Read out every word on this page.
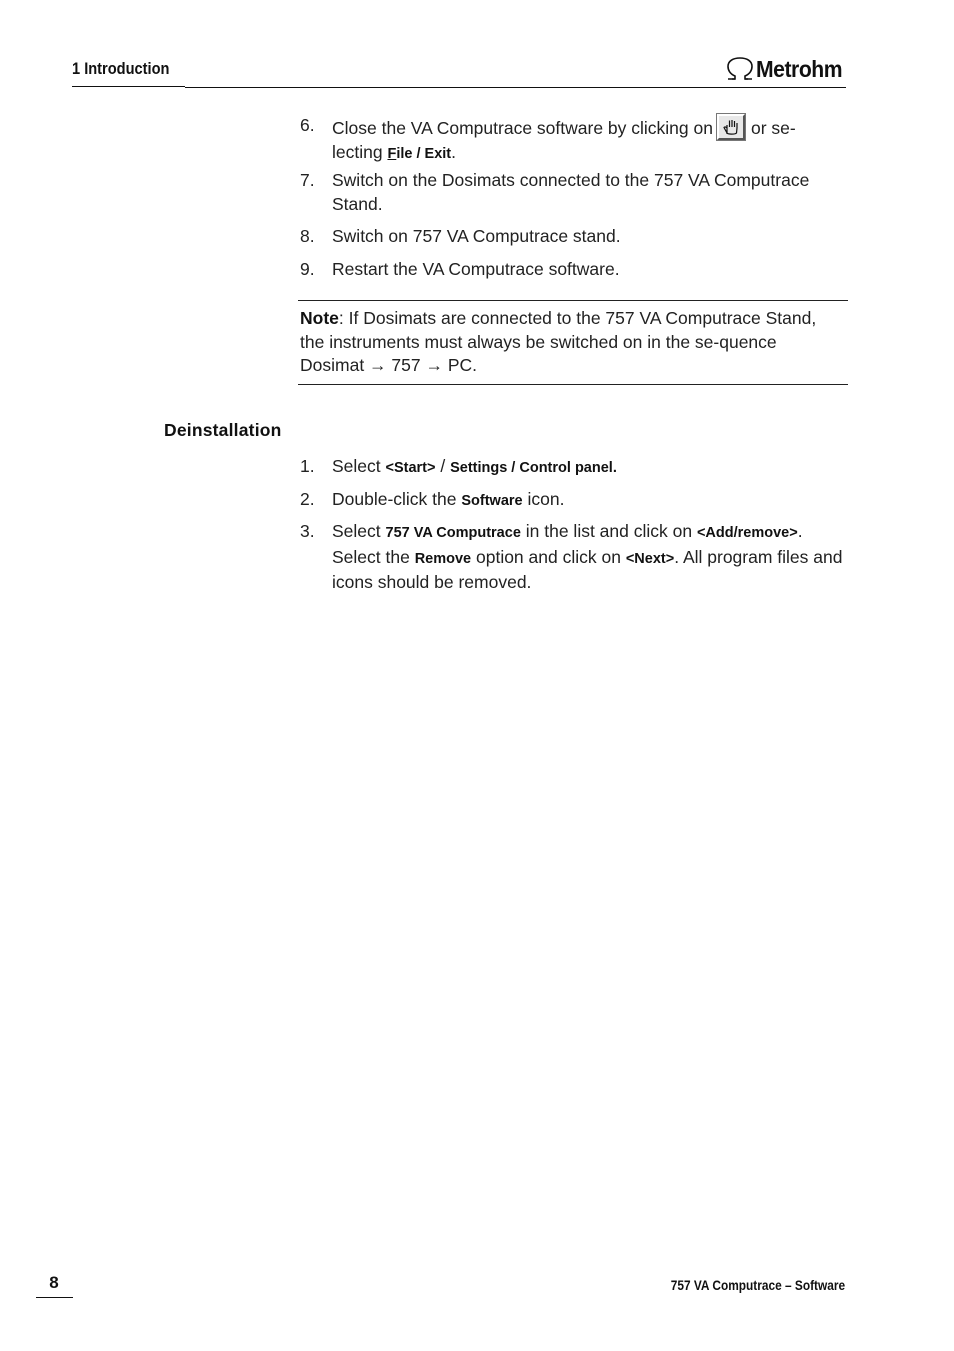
1 Introduction	Metrohm
6. Close the VA Computrace software by clicking on or se-
lecting File / Exit.
7. Switch on the Dosimats connected to the 757 VA Computrace Stand.
8. Switch on 757 VA Computrace stand.
9. Restart the VA Computrace software.
Note: If Dosimats are connected to the 757 VA Computrace Stand, the instruments must always be switched on in the se-quence Dosimat → 757 → PC.
Deinstallation
1. Select <Start> / Settings / Control panel.
2. Double-click the Software icon.
3. Select 757 VA Computrace in the list and click on <Add/remove>. Select the Remove option and click on <Next>. All program files and icons should be removed.
8	757 VA Computrace – Software
